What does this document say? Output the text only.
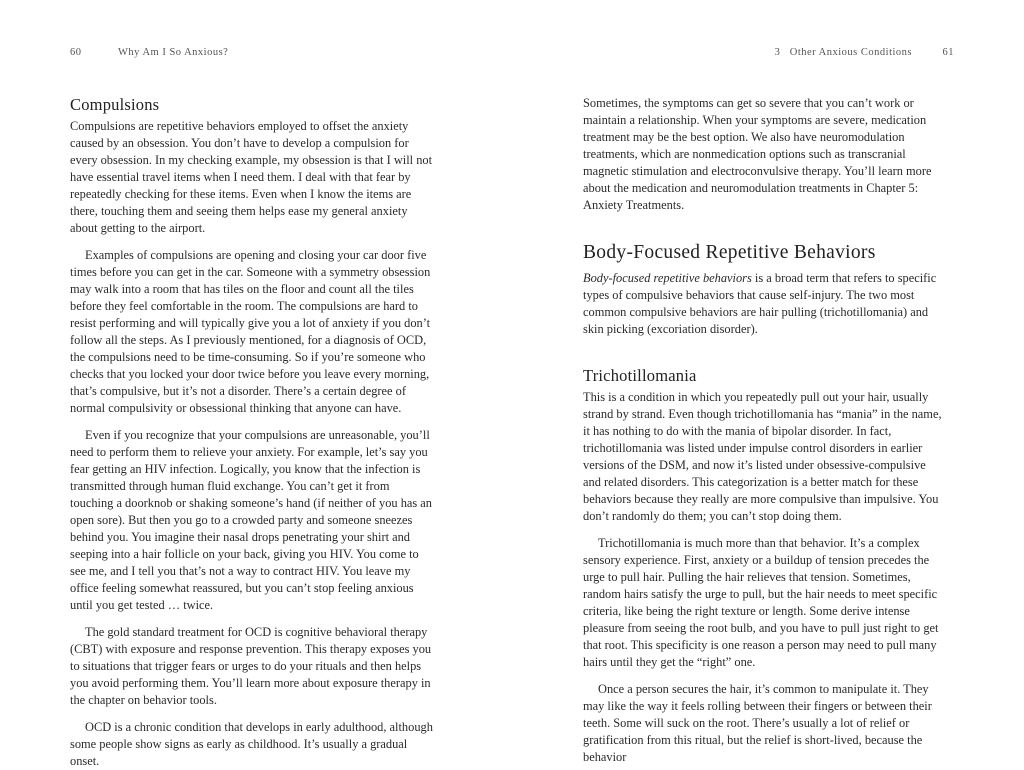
60	Why Am I So Anxious?
Compulsions

Compulsions are repetitive behaviors employed to offset the anxiety caused by an obsession. You don’t have to develop a compulsion for every obsession. In my checking example, my obsession is that I will not have essential travel items when I need them. I deal with that fear by repeatedly checking for these items. Even when I know the items are there, touching them and seeing them helps ease my general anxiety about getting to the airport.

Examples of compulsions are opening and closing your car door five times before you can get in the car. Someone with a symmetry obsession may walk into a room that has tiles on the floor and count all the tiles before they feel comfortable in the room. The compulsions are hard to resist performing and will typically give you a lot of anxiety if you don’t follow all the steps. As I previously mentioned, for a diagnosis of OCD, the compulsions need to be time-consuming. So if you’re someone who checks that you locked your door twice before you leave every morning, that’s compulsive, but it’s not a disorder. There’s a certain degree of normal compulsivity or obsessional thinking that anyone can have.

Even if you recognize that your compulsions are unreasonable, you’ll need to perform them to relieve your anxiety. For example, let’s say you fear getting an HIV infection. Logically, you know that the infection is transmitted through human fluid exchange. You can’t get it from touching a doorknob or shaking someone’s hand (if neither of you has an open sore). But then you go to a crowded party and someone sneezes behind you. You imagine their nasal drops penetrating your shirt and seeping into a hair follicle on your back, giving you HIV. You come to see me, and I tell you that’s not a way to contract HIV. You leave my office feeling somewhat reassured, but you can’t stop feeling anxious until you get tested … twice.

The gold standard treatment for OCD is cognitive behavioral therapy (CBT) with exposure and response prevention. This therapy exposes you to situations that trigger fears or urges to do your rituals and then helps you avoid performing them. You’ll learn more about exposure therapy in the chapter on behavior tools.

OCD is a chronic condition that develops in early adulthood, although some people show signs as early as childhood. It’s usually a gradual onset.

3   Other Anxious Conditions	61

Sometimes, the symptoms can get so severe that you can’t work or maintain a relationship. When your symptoms are severe, medication treatment may be the best option. We also have neuromodulation treatments, which are nonmedication options such as transcranial magnetic stimulation and electroconvulsive therapy. You’ll learn more about the medication and neuromodulation treatments in Chapter 5: Anxiety Treatments.

Body-Focused Repetitive Behaviors

Body-focused repetitive behaviors is a broad term that refers to specific types of compulsive behaviors that cause self-injury. The two most common compulsive behaviors are hair pulling (trichotillomania) and skin picking (excoriation disorder).

Trichotillomania

This is a condition in which you repeatedly pull out your hair, usually strand by strand. Even though trichotillomania has “mania” in the name, it has nothing to do with the mania of bipolar disorder. In fact, trichotillomania was listed under impulse control disorders in earlier versions of the DSM, and now it’s listed under obsessive-compulsive and related disorders. This categorization is a better match for these behaviors because they really are more compulsive than impulsive. You don’t randomly do them; you can’t stop doing them.

Trichotillomania is much more than that behavior. It’s a complex sensory experience. First, anxiety or a buildup of tension precedes the urge to pull hair. Pulling the hair relieves that tension. Sometimes, random hairs satisfy the urge to pull, but the hair needs to meet specific criteria, like being the right texture or length. Some derive intense pleasure from seeing the root bulb, and you have to pull just right to get that root. This specificity is one reason a person may need to pull many hairs until they get the “right” one.

Once a person secures the hair, it’s common to manipulate it. They may like the way it feels rolling between their fingers or between their teeth. Some will suck on the root. There’s usually a lot of relief or gratification from this ritual, but the relief is short-lived, because the behavior
